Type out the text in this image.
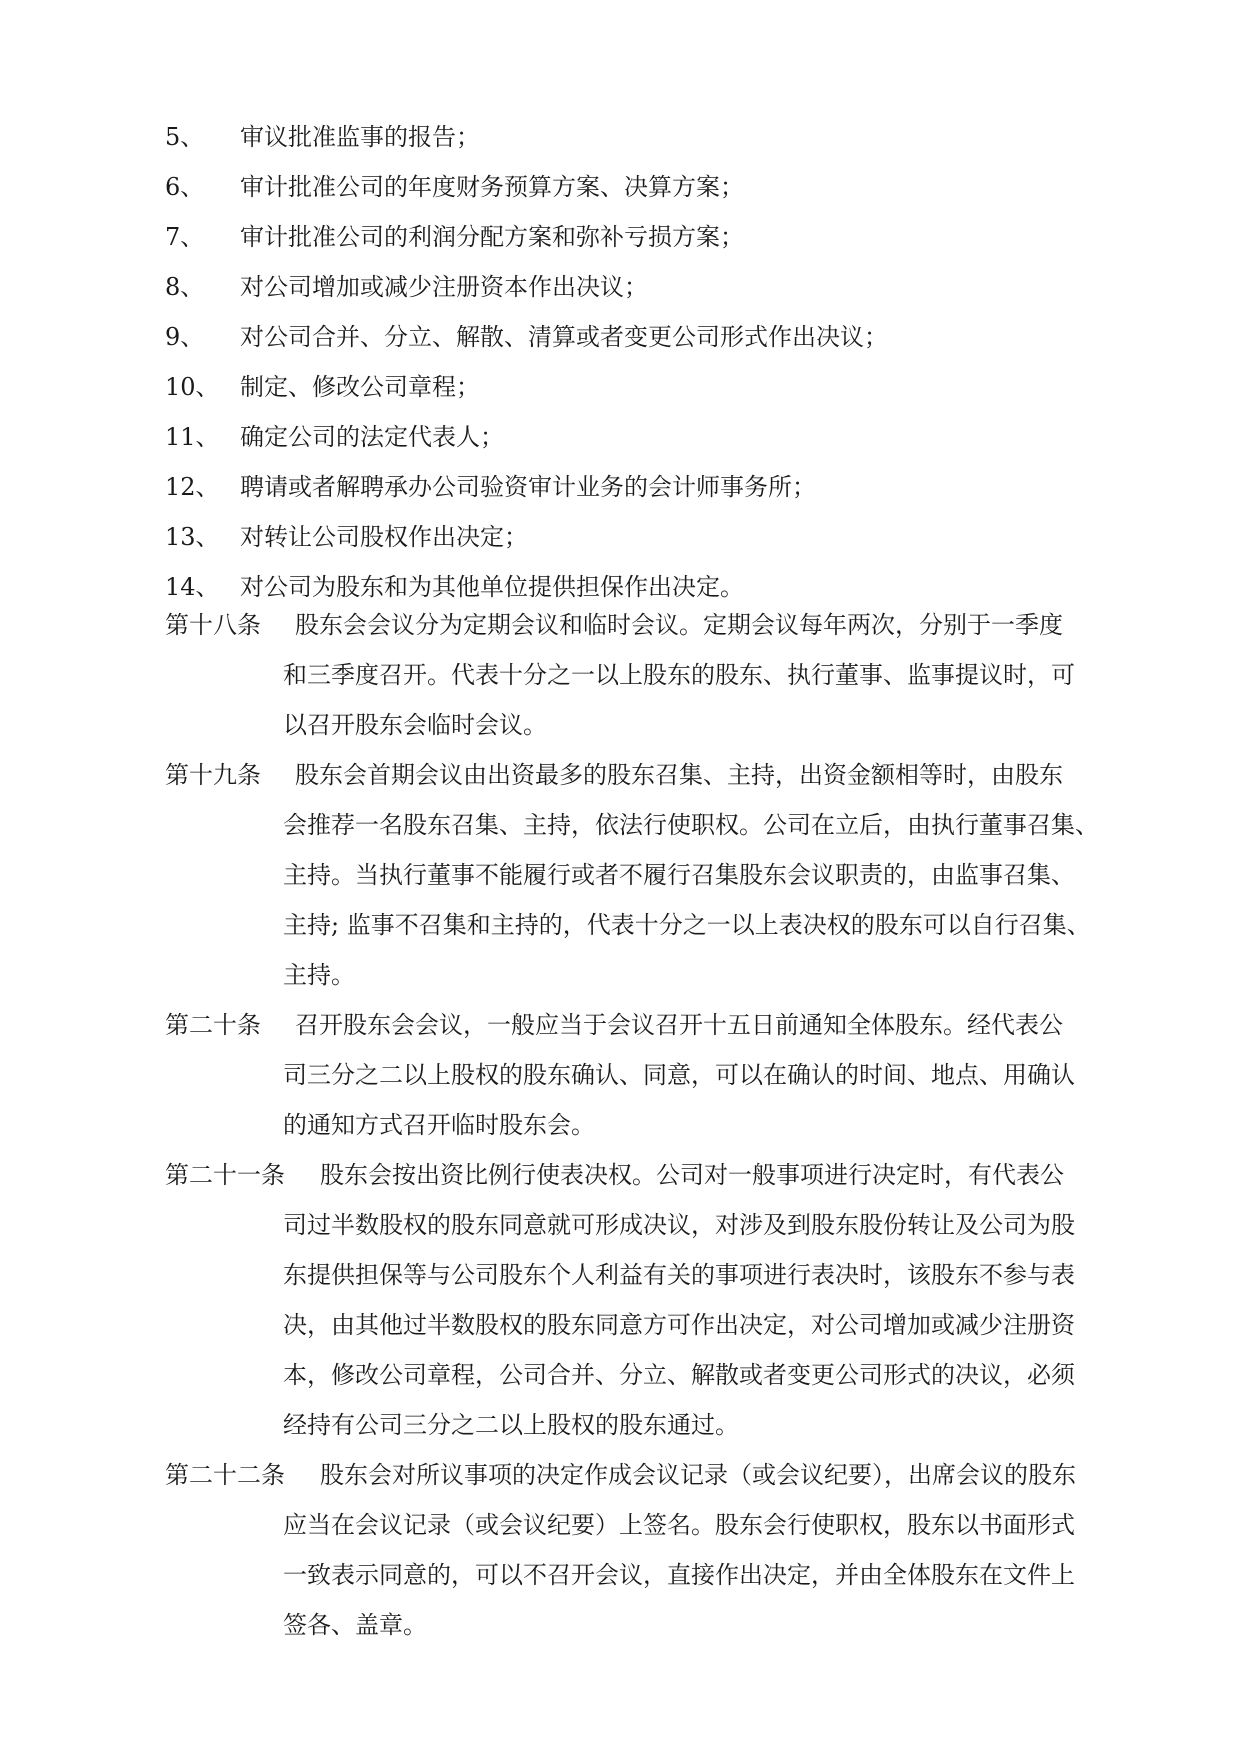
5、 审议批准监事的报告；
6、 审计批准公司的年度财务预算方案、决算方案；
7、 审计批准公司的利润分配方案和弥补亏损方案；
8、 对公司增加或减少注册资本作出决议；
9、 对公司合并、分立、解散、清算或者变更公司形式作出决议；
10、 制定、修改公司章程；
11、 确定公司的法定代表人；
12、 聘请或者解聘承办公司验资审计业务的会计师事务所；
13、 对转让公司股权作出决定；
14、 对公司为股东和为其他单位提供担保作出决定。
第十八条	股东会会议分为定期会议和临时会议。定期会议每年两次，分别于一季度
和三季度召开。代表十分之一以上股东的股东、执行董事、监事提议时，可
以召开股东会临时会议。
第十九条	股东会首期会议由出资最多的股东召集、主持，出资金额相等时，由股东
会推荐一名股东召集、主持，依法行使职权。公司在立后，由执行董事召集、
主持。当执行董事不能履行或者不履行召集股东会议职责的，由监事召集、
主持; 监事不召集和主持的，代表十分之一以上表决权的股东可以自行召集、
主持。
第二十条	召开股东会会议，一般应当于会议召开十五日前通知全体股东。经代表公
司三分之二以上股权的股东确认、同意，可以在确认的时间、地点、用确认
的通知方式召开临时股东会。
第二十一条	股东会按出资比例行使表决权。公司对一般事项进行决定时，有代表公
司过半数股权的股东同意就可形成决议，对涉及到股东股份转让及公司为股
东提供担保等与公司股东个人利益有关的事项进行表决时，该股东不参与表
决，由其他过半数股权的股东同意方可作出决定，对公司增加或减少注册资
本，修改公司章程，公司合并、分立、解散或者变更公司形式的决议，必须
经持有公司三分之二以上股权的股东通过。
第二十二条	股东会对所议事项的决定作成会议记录（或会议纪要），出席会议的股东
应当在会议记录（或会议纪要）上签名。股东会行使职权，股东以书面形式
一致表示同意的，可以不召开会议，直接作出决定，并由全体股东在文件上
签各、盖章。
